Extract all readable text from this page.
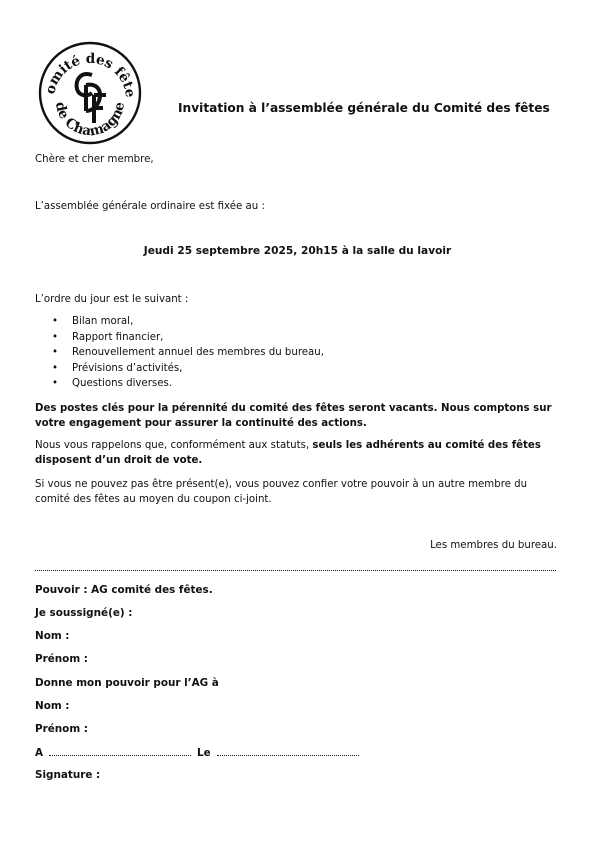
omité des fête
de Chamagne	Invitation à l’assemblée générale du Comité des fêtes
Chère et cher membre,
L’assemblée générale ordinaire est fixée au :
Jeudi 25 septembre 2025, 20h15 à la salle du lavoir
L’ordre du jour est le suivant :
• Bilan moral,
• Rapport financier,
• Renouvellement annuel des membres du bureau,
• Prévisions d’activités,
• Questions diverses.
Des postes clés pour la pérennité du comité des fêtes seront vacants. Nous comptons sur votre engagement pour assurer la continuité des actions.
Nous vous rappelons que, conformément aux statuts, seuls les adhérents au comité des fêtes disposent d’un droit de vote.
Si vous ne pouvez pas être présent(e), vous pouvez confier votre pouvoir à un autre membre du comité des fêtes au moyen du coupon ci-joint.
Les membres du bureau.
Pouvoir : AG comité des fêtes.
Je soussigné(e) :
Nom :
Prénom :
Donne mon pouvoir pour l’AG à
Nom :
Prénom :
A	Le
Signature :
